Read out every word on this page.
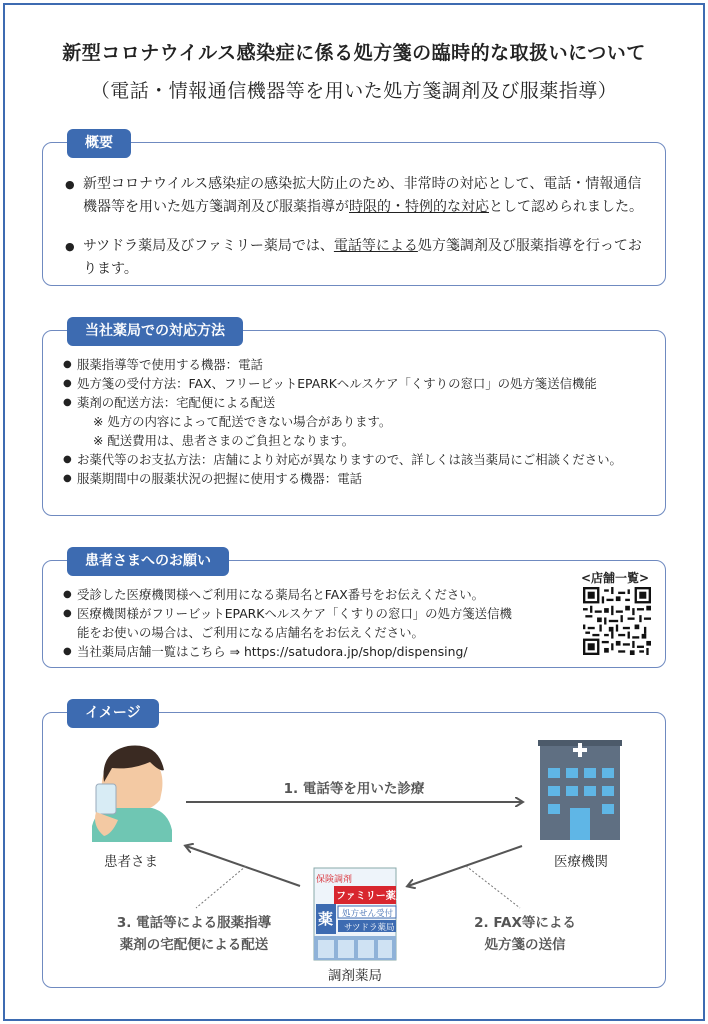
新型コロナウイルス感染症に係る処方箋の臨時的な取扱いについて
（電話・情報通信機器等を用いた処方箋調剤及び服薬指導）
概要
● 新型コロナウイルス感染症の感染拡大防止のため、非常時の対応として、電話・情報通信機器等を用いた処方箋調剤及び服薬指導が時限的・特例的な対応として認められました。
● サツドラ薬局及びファミリー薬局では、電話等による処方箋調剤及び服薬指導を行っております。
当社薬局での対応方法
● 服薬指導等で使用する機器：電話
● 処方箋の受付方法：FAX、フリービットEPARKヘルスケア「くすりの窓口」の処方箋送信機能
● 薬剤の配送方法：宅配便による配送
※ 処方の内容によって配送できない場合があります。
※ 配送費用は、患者さまのご負担となります。
● お薬代等のお支払方法：店舗により対応が異なりますので、詳しくは該当薬局にご相談ください。
● 服薬期間中の服薬状況の把握に使用する機器：電話
患者さまへのお願い
● 受診した医療機関様へご利用になる薬局名とFAX番号をお伝えください。
● 医療機関様がフリービットEPARKヘルスケア「くすりの窓口」の処方箋送信機能をお使いの場合は、ご利用になる店舗名をお伝えください。
● 当社薬局店舗一覧はこちら ⇒ https://satudora.jp/shop/dispensing/
<店舗一覧>
イメージ
保険調剤
ファミリー薬局
薬 処方せん受付
サツドラ薬局
患者さま	医療機関
調剤薬局
1. 電話等を用いた診療
2. FAX等による
処方箋の送信
3. 電話等による服薬指導
薬剤の宅配便による配送
